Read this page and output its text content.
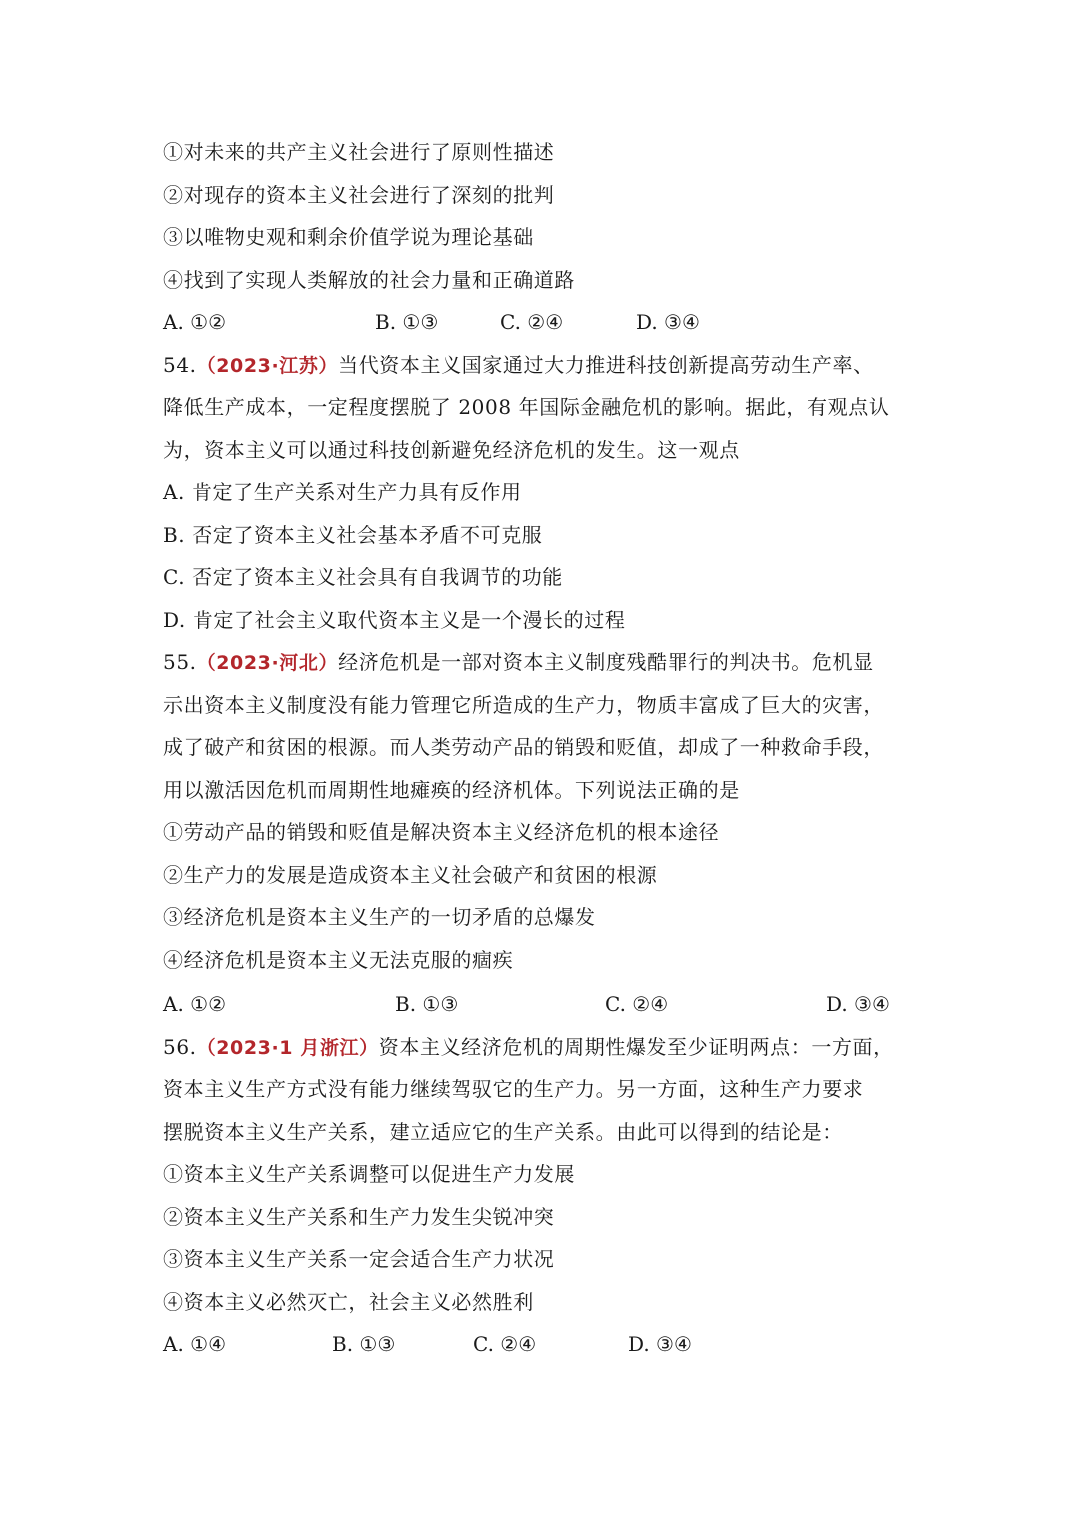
①对未来的共产主义社会进行了原则性描述
②对现存的资本主义社会进行了深刻的批判
③以唯物史观和剩余价值学说为理论基础
④找到了实现人类解放的社会力量和正确道路
A. ①②	B. ①③	C. ②④	D. ③④
54.（2023·江苏）当代资本主义国家通过大力推进科技创新提高劳动生产率、
降低生产成本，一定程度摆脱了 2008 年国际金融危机的影响。据此，有观点认
为，资本主义可以通过科技创新避免经济危机的发生。这一观点
A. 肯定了生产关系对生产力具有反作用
B. 否定了资本主义社会基本矛盾不可克服
C. 否定了资本主义社会具有自我调节的功能
D. 肯定了社会主义取代资本主义是一个漫长的过程
55.（2023·河北）经济危机是一部对资本主义制度残酷罪行的判决书。危机显
示出资本主义制度没有能力管理它所造成的生产力，物质丰富成了巨大的灾害，
成了破产和贫困的根源。而人类劳动产品的销毁和贬值，却成了一种救命手段，
用以激活因危机而周期性地瘫痪的经济机体。下列说法正确的是
①劳动产品的销毁和贬值是解决资本主义经济危机的根本途径
②生产力的发展是造成资本主义社会破产和贫困的根源
③经济危机是资本主义生产的一切矛盾的总爆发
④经济危机是资本主义无法克服的痼疾
A. ①②	B. ①③	C. ②④	D. ③④
56.（2023·1 月浙江）资本主义经济危机的周期性爆发至少证明两点：一方面，
资本主义生产方式没有能力继续驾驭它的生产力。另一方面，这种生产力要求
摆脱资本主义生产关系，建立适应它的生产关系。由此可以得到的结论是：
①资本主义生产关系调整可以促进生产力发展
②资本主义生产关系和生产力发生尖锐冲突
③资本主义生产关系一定会适合生产力状况
④资本主义必然灭亡，社会主义必然胜利
A. ①④	B. ①③	C. ②④	D. ③④
